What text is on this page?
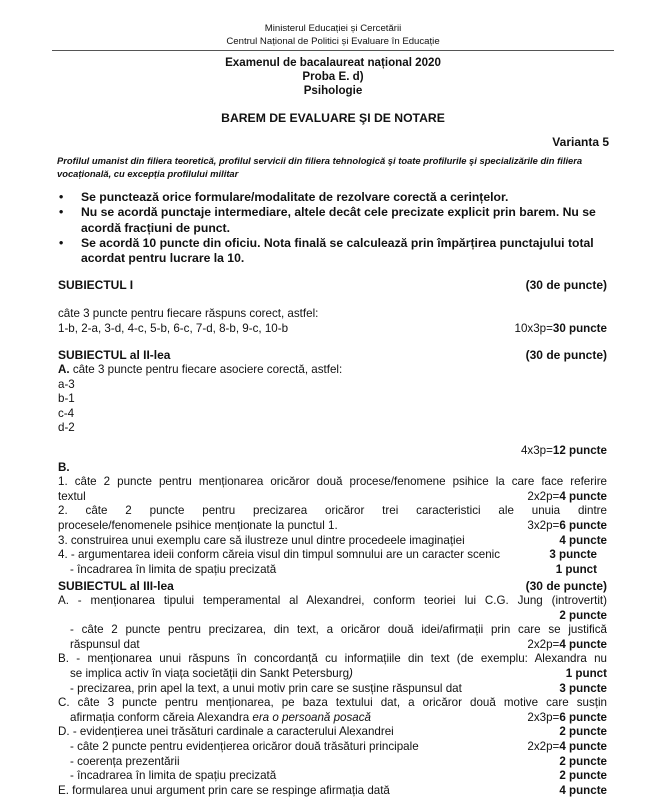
Ministerul Educației și Cercetării
Centrul Național de Politici și Evaluare în Educație
Examenul de bacalaureat național 2020
Proba E. d)
Psihologie
BAREM DE EVALUARE ŞI DE NOTARE
Varianta 5
Profilul umanist din filiera teoretică, profilul servicii din filiera tehnologică şi toate profilurile şi specializările din filiera vocațională, cu excepția profilului militar
• Se punctează orice formulare/modalitate de rezolvare corectă a cerințelor.
• Nu se acordă punctaje intermediare, altele decât cele precizate explicit prin barem. Nu se acordă fracțiuni de punct.
• Se acordă 10 puncte din oficiu. Nota finală se calculează prin împărțirea punctajului total acordat pentru lucrare la 10.
SUBIECTUL I	(30 de puncte)
câte 3 puncte pentru fiecare răspuns corect, astfel:
1-b, 2-a, 3-d, 4-c, 5-b, 6-c, 7-d, 8-b, 9-c, 10-b	10x3p=30 puncte
SUBIECTUL al II-lea	(30 de puncte)
A. câte 3 puncte pentru fiecare asociere corectă, astfel:
a-3
b-1
c-4
d-2
4x3p=12 puncte
B.
1. câte 2 puncte pentru menționarea oricăror două procese/fenomene psihice la care face referire
textul	2x2p=4 puncte
2. câte 2 puncte pentru precizarea oricăror trei caracteristici ale unuia dintre
procesele/fenomenele psihice menționate la punctul 1.	3x2p=6 puncte
3. construirea unui exemplu care să ilustreze unul dintre procedeele imaginației	4 puncte
4. - argumentarea ideii conform căreia visul din timpul somnului are un caracter scenic	3 puncte
- încadrarea în limita de spațiu precizată	1 punct
SUBIECTUL al III-lea	(30 de puncte)
A. - menționarea tipului temperamental al Alexandrei, conform teoriei lui C.G. Jung (introvertit)
2 puncte
- câte 2 puncte pentru precizarea, din text, a oricăror două idei/afirmații prin care se justifică
răspunsul dat	2x2p=4 puncte
B. - menționarea unui răspuns în concordanță cu informațiile din text (de exemplu: Alexandra nu
se implica activ în viața societății din Sankt Petersburg)	1 punct
- precizarea, prin apel la text, a unui motiv prin care se susține răspunsul dat	3 puncte
C. câte 3 puncte pentru menționarea, pe baza textului dat, a oricăror două motive care susțin
afirmația conform căreia Alexandra era o persoană posacă	2x3p=6 puncte
D. - evidențierea unei trăsături cardinale a caracterului Alexandrei	2 puncte
- câte 2 puncte pentru evidențierea oricăror două trăsături principale	2x2p=4 puncte
- coerența prezentării	2 puncte
- încadrarea în limita de spațiu precizată	2 puncte
E. formularea unui argument prin care se respinge afirmația dată	4 puncte
